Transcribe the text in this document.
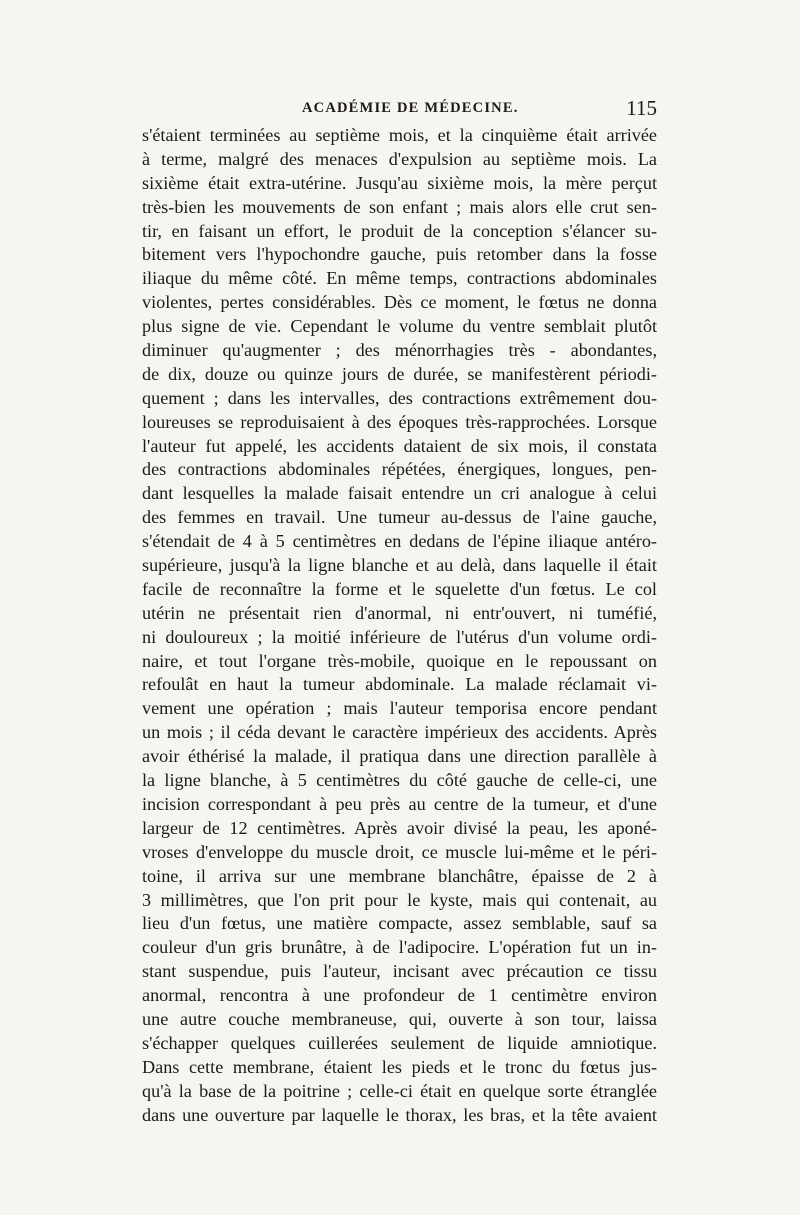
ACADÉMIE DE MÉDECINE.	115
s'étaient terminées au septième mois, et la cinquième était arrivée
à terme, malgré des menaces d'expulsion au septième mois. La
sixième était extra-utérine. Jusqu'au sixième mois, la mère perçut
très-bien les mouvements de son enfant ; mais alors elle crut sen-
tir, en faisant un effort, le produit de la conception s'élancer su-
bitement vers l'hypochondre gauche, puis retomber dans la fosse
iliaque du même côté. En même temps, contractions abdominales
violentes, pertes considérables. Dès ce moment, le fœtus ne donna
plus signe de vie. Cependant le volume du ventre semblait plutôt
diminuer qu'augmenter ; des ménorrhagies très - abondantes,
de dix, douze ou quinze jours de durée, se manifestèrent périodi-
quement ; dans les intervalles, des contractions extrêmement dou-
loureuses se reproduisaient à des époques très-rapprochées. Lorsque
l'auteur fut appelé, les accidents dataient de six mois, il constata
des contractions abdominales répétées, énergiques, longues, pen-
dant lesquelles la malade faisait entendre un cri analogue à celui
des femmes en travail. Une tumeur au-dessus de l'aine gauche,
s'étendait de 4 à 5 centimètres en dedans de l'épine iliaque antéro-
supérieure, jusqu'à la ligne blanche et au delà, dans laquelle il était
facile de reconnaître la forme et le squelette d'un fœtus. Le col
utérin ne présentait rien d'anormal, ni entr'ouvert, ni tuméfié,
ni douloureux ; la moitié inférieure de l'utérus d'un volume ordi-
naire, et tout l'organe très-mobile, quoique en le repoussant on
refoulât en haut la tumeur abdominale. La malade réclamait vi-
vement une opération ; mais l'auteur temporisa encore pendant
un mois ; il céda devant le caractère impérieux des accidents. Après
avoir éthérisé la malade, il pratiqua dans une direction parallèle à
la ligne blanche, à 5 centimètres du côté gauche de celle-ci, une
incision correspondant à peu près au centre de la tumeur, et d'une
largeur de 12 centimètres. Après avoir divisé la peau, les aponé-
vroses d'enveloppe du muscle droit, ce muscle lui-même et le péri-
toine, il arriva sur une membrane blanchâtre, épaisse de 2 à
3 millimètres, que l'on prit pour le kyste, mais qui contenait, au
lieu d'un fœtus, une matière compacte, assez semblable, sauf sa
couleur d'un gris brunâtre, à de l'adipocire. L'opération fut un in-
stant suspendue, puis l'auteur, incisant avec précaution ce tissu
anormal, rencontra à une profondeur de 1 centimètre environ
une autre couche membraneuse, qui, ouverte à son tour, laissa
s'échapper quelques cuillerées seulement de liquide amniotique.
Dans cette membrane, étaient les pieds et le tronc du fœtus jus-
qu'à la base de la poitrine ; celle-ci était en quelque sorte étranglée
dans une ouverture par laquelle le thorax, les bras, et la tête avaient
